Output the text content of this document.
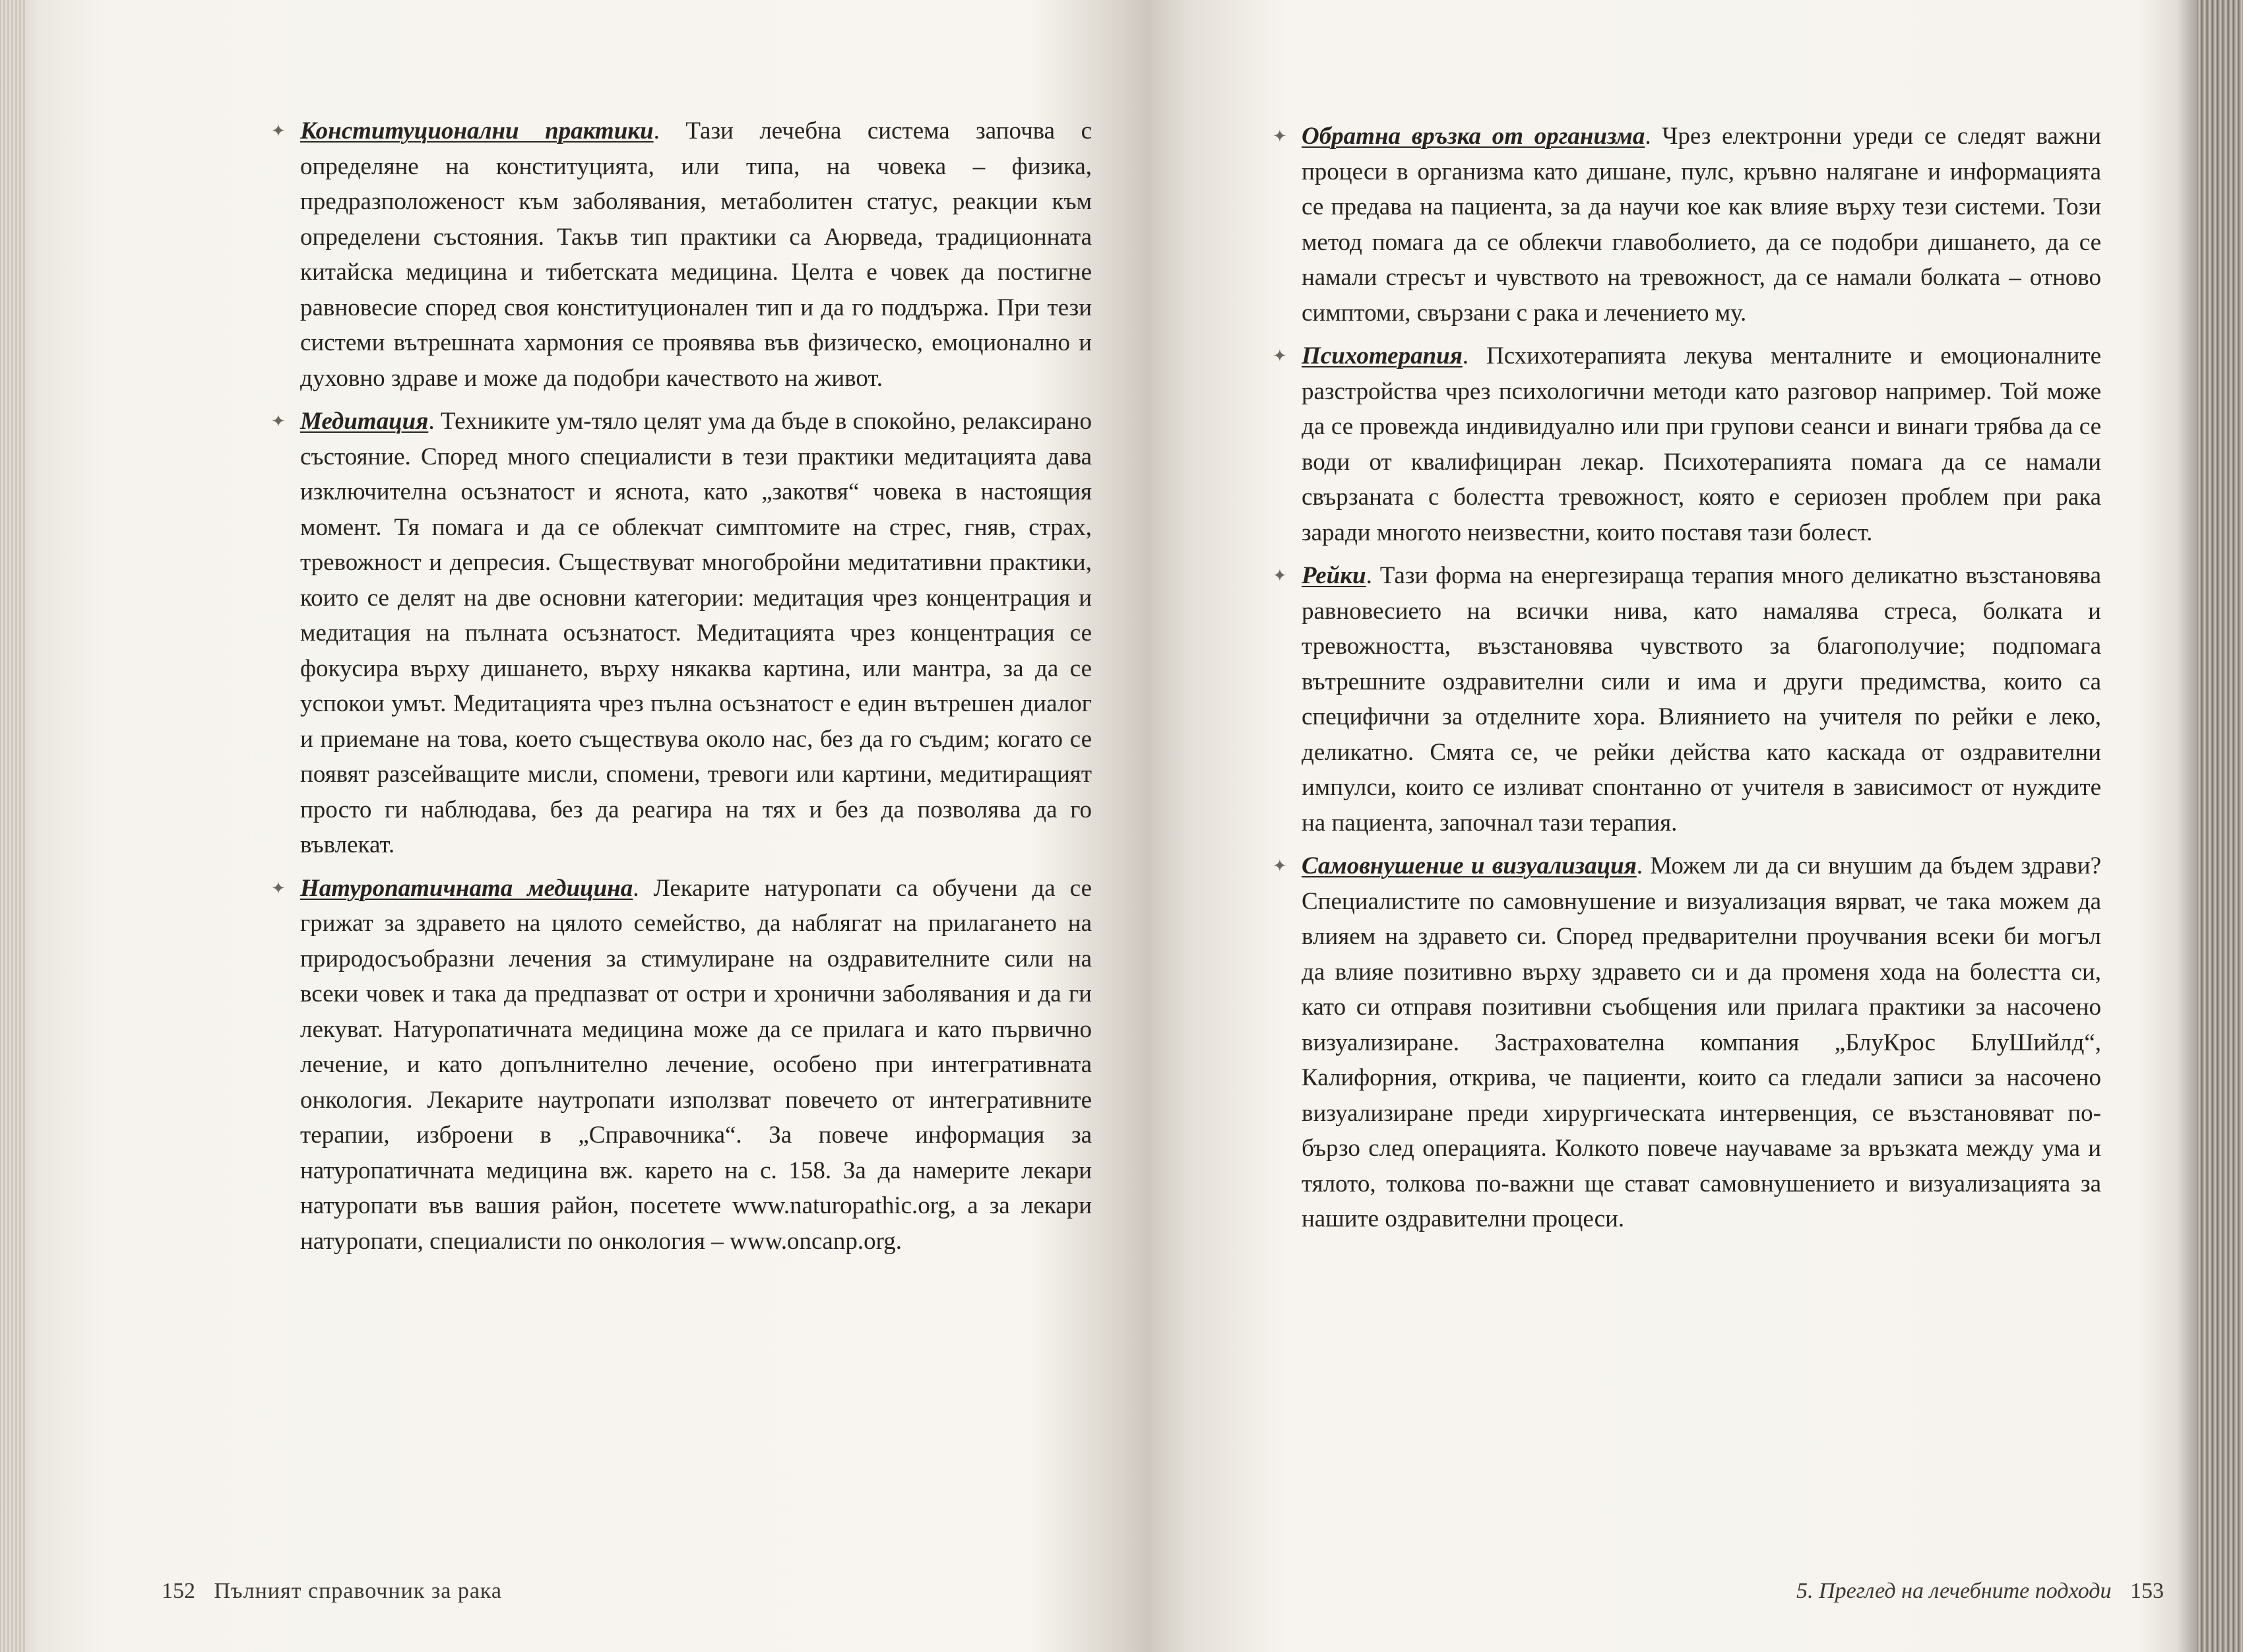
✦ Конституционални практики. Тази лечебна система започва с определяне на конституцията, или типа, на човека – физика, предразположеност към заболявания, метаболитен статус, реакции към определени състояния. Такъв тип практики са Аюрведа, традиционната китайска медицина и тибетската медицина. Целта е човек да постигне равновесие според своя конституционален тип и да го поддържа. При тези системи вътрешната хармония се проявява във физическо, емоционално и духовно здраве и може да подобри качеството на живот.
✦ Медитация. Техниките ум-тяло целят ума да бъде в спокойно, релаксирано състояние. Според много специалисти в тези практики медитацията дава изключителна осъзнатост и яснота, като „закотвя“ човека в настоящия момент. Тя помага и да се облекчат симптомите на стрес, гняв, страх, тревожност и депресия. Съществуват многобройни медитативни практики, които се делят на две основни категории: медитация чрез концентрация и медитация на пълната осъзнатост. Медитацията чрез концентрация се фокусира върху дишането, върху някаква картина, или мантра, за да се успокои умът. Медитацията чрез пълна осъзнатост е един вътрешен диалог и приемане на това, което съществува около нас, без да го съдим; когато се появят разсейващите мисли, спомени, тревоги или картини, медитиращият просто ги наблюдава, без да реагира на тях и без да позволява да го въвлекат.
✦ Натуропатичната медицина. Лекарите натуропати са обучени да се грижат за здравето на цялото семейство, да наблягат на прилагането на природосъобразни лечения за стимулиране на оздравителните сили на всеки човек и така да предпазват от остри и хронични заболявания и да ги лекуват. Натуропатичната медицина може да се прилага и като първично лечение, и като допълнително лечение, особено при интегративната онкология. Лекарите наутропати използват повечето от интегративните терапии, изброени в „Справочника“. За повече информация за натуропатичната медицина вж. карето на с. 158. За да намерите лекари натуропати във вашия район, посетете www.naturopathic.org, а за лекари натуропати, специалисти по онкология – www.oncanp.org.
152 Пълният справочник за рака
✦ Обратна връзка от организма. Чрез електронни уреди се следят важни процеси в организма като дишане, пулс, кръвно налягане и информацията се предава на пациента, за да научи кое как влияе върху тези системи. Този метод помага да се облекчи главоболието, да се подобри дишането, да се намали стресът и чувството на тревожност, да се намали болката – отново симптоми, свързани с рака и лечението му.
✦ Психотерапия. Псхихотерапията лекува менталните и емоционалните разстройства чрез психологични методи като разговор например. Той може да се провежда индивидуално или при групови сеанси и винаги трябва да се води от квалифициран лекар. Психотерапията помага да се намали свързаната с болестта тревожност, която е сериозен проблем при рака заради многото неизвестни, които поставя тази болест.
✦ Рейки. Тази форма на енергезираща терапия много деликатно възстановява равновесието на всички нива, като намалява стреса, болката и тревожността, възстановява чувството за благополучие; подпомага вътрешните оздравителни сили и има и други предимства, които са специфични за отделните хора. Влиянието на учителя по рейки е леко, деликатно. Смята се, че рейки действа като каскада от оздравителни импулси, които се изливат спонтанно от учителя в зависимост от нуждите на пациента, започнал тази терапия.
✦ Самовнушение и визуализация. Можем ли да си внушим да бъдем здрави? Специалистите по самовнушение и визуализация вярват, че така можем да влияем на здравето си. Според предварителни проучвания всеки би могъл да влияе позитивно върху здравето си и да променя хода на болестта си, като си отправя позитивни съобщения или прилага практики за насочено визуализиране. Застрахователна компания „БлуКрос БлуШийлд“, Калифорния, открива, че пациенти, които са гледали записи за насочено визуализиране преди хирургическата интервенция, се възстановяват по-бързо след операцията. Колкото повече научаваме за връзката между ума и тялото, толкова по-важни ще стават самовнушението и визуализацията за нашите оздравителни процеси.
5. Преглед на лечебните подходи 153
